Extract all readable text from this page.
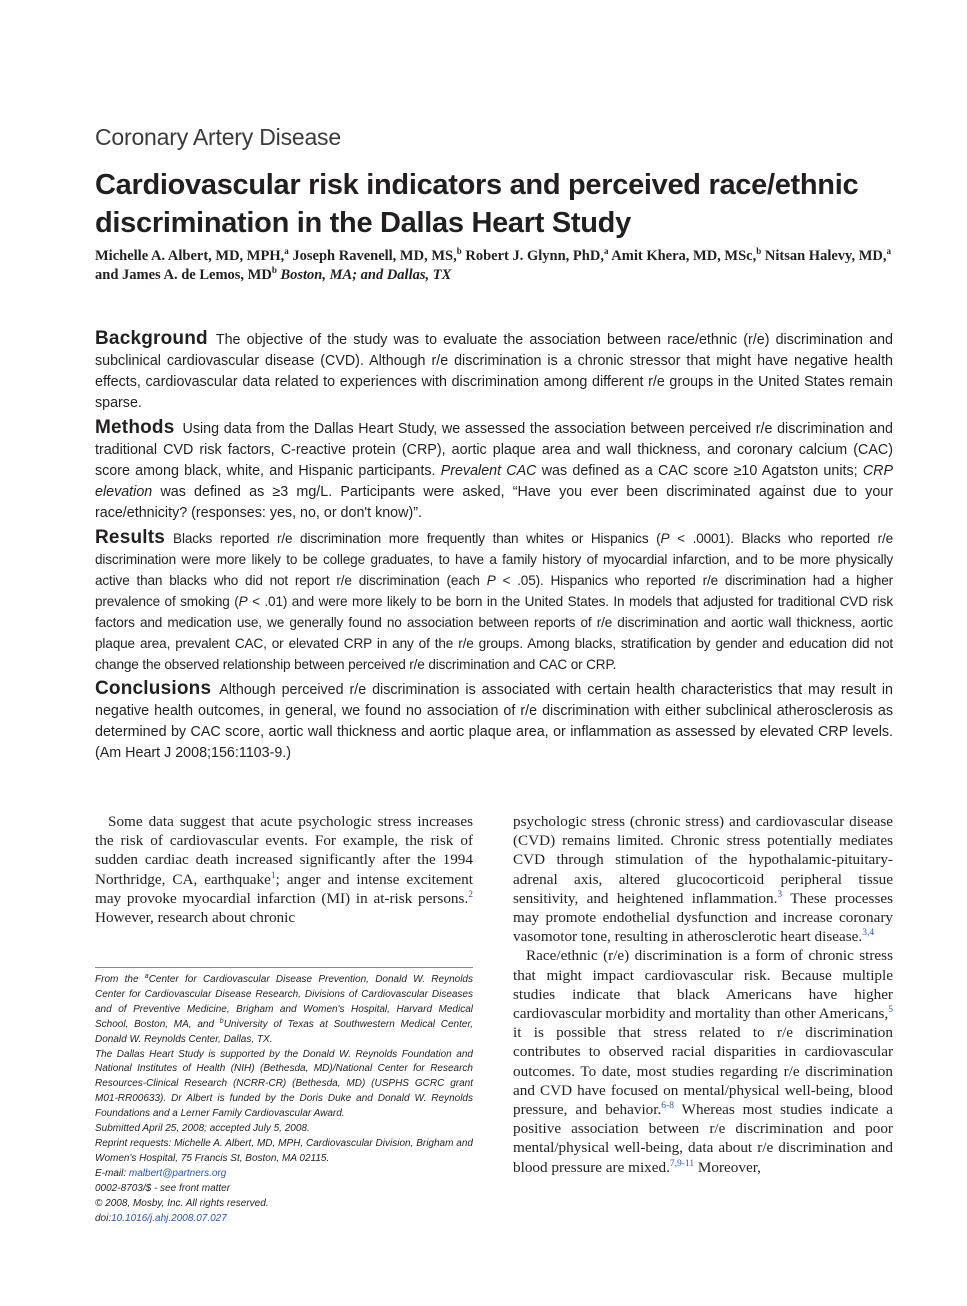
Coronary Artery Disease
Cardiovascular risk indicators and perceived race/ethnic discrimination in the Dallas Heart Study
Michelle A. Albert, MD, MPH,$^a$ Joseph Ravenell, MD, MS,$^b$ Robert J. Glynn, PhD,$^a$ Amit Khera, MD, MSc,$^b$ Nitsan Halevy, MD,$^a$ and James A. de Lemos, $MD^b$ Boston, MA; and Dallas, TX

Background The objective of the study was to evaluate the association between race/ethnic (r/e) discrimination and subclinical cardiovascular disease (CVD). Although r/e discrimination is a chronic stressor that might have negative health effects, cardiovascular data related to experiences with discrimination among different r/e groups in the United States remain sparse.

Methods Using data from the Dallas Heart Study, we assessed the association between perceived r/e discrimination and traditional CVD risk factors, C-reactive protein (CRP), aortic plaque area and wall thickness, and coronary calcium (CAC) score among black, white, and Hispanic participants. Prevalent CAC was defined as a CAC score ≥10 Agatston units; CRP elevation was defined as ≥3 mg/L. Participants were asked, “Have you ever been discriminated against due to your race/ethnicity? (responses: yes, no, or don't know)”.

Results Blacks reported r/e discrimination more frequently than whites or Hispanics (P < .0001). Blacks who reported r/e discrimination were more likely to be college graduates, to have a family history of myocardial infarction, and to be more physically active than blacks who did not report r/e discrimination (each P < .05). Hispanics who reported r/e discrimination had a higher prevalence of smoking (P < .01) and were more likely to be born in the United States. In models that adjusted for traditional CVD risk factors and medication use, we generally found no association between reports of r/e discrimination and aortic wall thickness, aortic plaque area, prevalent CAC, or elevated CRP in any of the r/e groups. Among blacks, stratification by gender and education did not change the observed relationship between perceived r/e discrimination and CAC or CRP.

Conclusions Although perceived r/e discrimination is associated with certain health characteristics that may result in negative health outcomes, in general, we found no association of r/e discrimination with either subclinical atherosclerosis as determined by CAC score, aortic wall thickness and aortic plaque area, or inflammation as assessed by elevated CRP levels. (Am Heart J 2008;156:1103-9.)

Some data suggest that acute psychologic stress increases the risk of cardiovascular events. For example, the risk of sudden cardiac death increased significantly after the 1994 Northridge, CA, earthquake$^1$; anger and intense excitement may provoke myocardial infarction (MI) in at-risk persons.$^2$ However, research about chronic

From the $^a$Center for Cardiovascular Disease Prevention, Donald W. Reynolds Center for Cardiovascular Disease Research, Divisions of Cardiovascular Diseases and of Preventive Medicine, Brigham and Women's Hospital, Harvard Medical School, Boston, MA, and $^b$University of Texas at Southwestern Medical Center, Donald W. Reynolds Center, Dallas, TX.

The Dallas Heart Study is supported by the Donald W. Reynolds Foundation and National Institutes of Health (NIH) (Bethesda, MD)/National Center for Research Resources-Clinical Research (NCRR-CR) (Bethesda, MD) (USPHS GCRC grant M01-RR00633). Dr Albert is funded by the Doris Duke and Donald W. Reynolds Foundations and a Lerner Family Cardiovascular Award.

Submitted April 25, 2008; accepted July 5, 2008.

Reprint requests: Michelle A. Albert, MD, MPH, Cardiovascular Division, Brigham and Women's Hospital, 75 Francis St, Boston, MA 02115.

E-mail: malbert@partners.org

0002-8703/$ - see front matter

© 2008, Mosby, Inc. All rights reserved.

doi:10.1016/j.ahj.2008.07.027

psychologic stress (chronic stress) and cardiovascular disease (CVD) remains limited. Chronic stress potentially mediates CVD through stimulation of the hypothalamic-pituitary-adrenal axis, altered glucocorticoid peripheral tissue sensitivity, and heightened inflammation.$^3$ These processes may promote endothelial dysfunction and increase coronary vasomotor tone, resulting in atherosclerotic heart disease.$^{3,4}$

Race/ethnic (r/e) discrimination is a form of chronic stress that might impact cardiovascular risk. Because multiple studies indicate that black Americans have higher cardiovascular morbidity and mortality than other Americans,$^5$ it is possible that stress related to r/e discrimination contributes to observed racial disparities in cardiovascular outcomes. To date, most studies regarding r/e discrimination and CVD have focused on mental/physical well-being, blood pressure, and behavior.$^{6-8}$ Whereas most studies indicate a positive association between r/e discrimination and poor mental/physical well-being, data about r/e discrimination and blood pressure are mixed.$^{7,9-11}$ Moreover,
